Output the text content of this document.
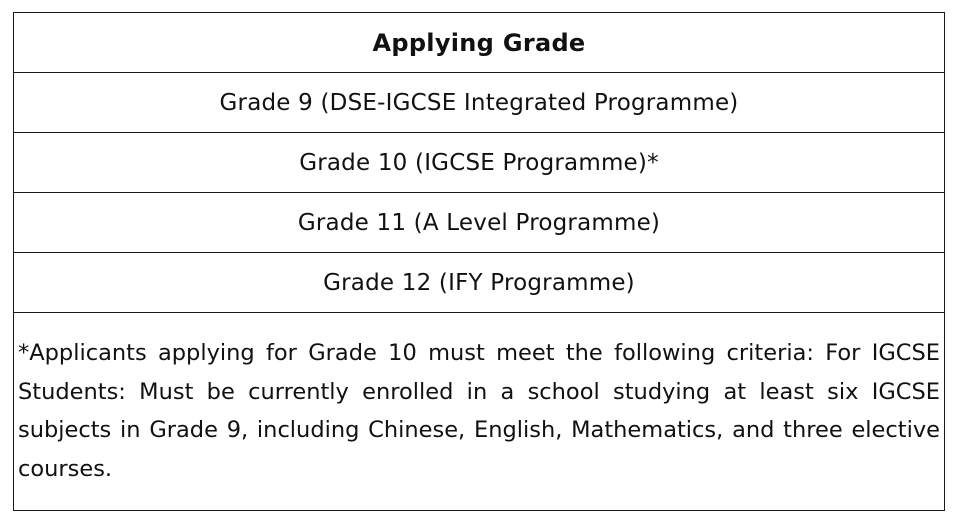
Applying Grade
Grade 9 (DSE-IGCSE Integrated Programme)
Grade 10 (IGCSE Programme)*
Grade 11 (A Level Programme)
Grade 12 (IFY Programme)
*Applicants applying for Grade 10 must meet the following criteria: For IGCSE Students: Must be currently enrolled in a school studying at least six IGCSE subjects in Grade 9, including Chinese, English, Mathematics, and three elective courses.
